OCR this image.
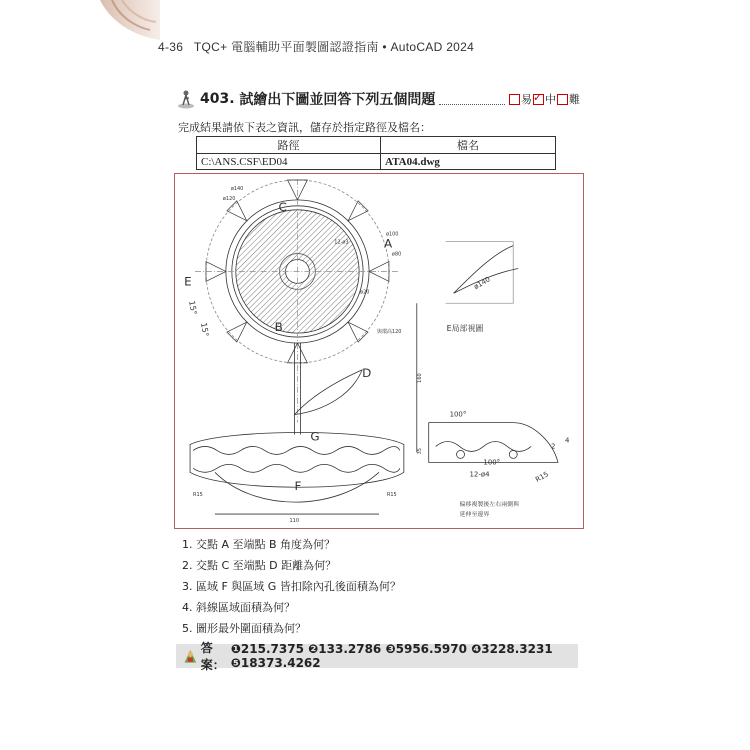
4-36 TQC+ 電腦輔助平面製圖認證指南 • AutoCAD 2024
403.
試繪出下圖並回答下列五個問題	易 ✓ 中 難
完成結果請依下表之資訊，儲存於指定路徑及檔名：
路徑	檔名
C:\ANS.CSF\ED04	ATA04.dwg
C
A
B
D
E
F
G
ø140
ø120
ø100
ø80
12-ø3
ø20
與環高120
15°
15°
R15	R15
110
160
35
ø140
E局部視圖
100°
100°
12-ø4	R15
2
4
偏移複製後左右兩側與
延伸至邊界
1. 交點 A 至端點 B 角度為何？
2. 交點 C 至端點 D 距離為何？
3. 區域 F 與區域 G 皆扣除內孔後面積為何？
4. 斜線區域面積為何？
5. 圖形最外圍面積為何？
答案：
❶215.7375 ❷133.2786 ❸5956.5970 ❹3228.3231 ❺18373.4262
